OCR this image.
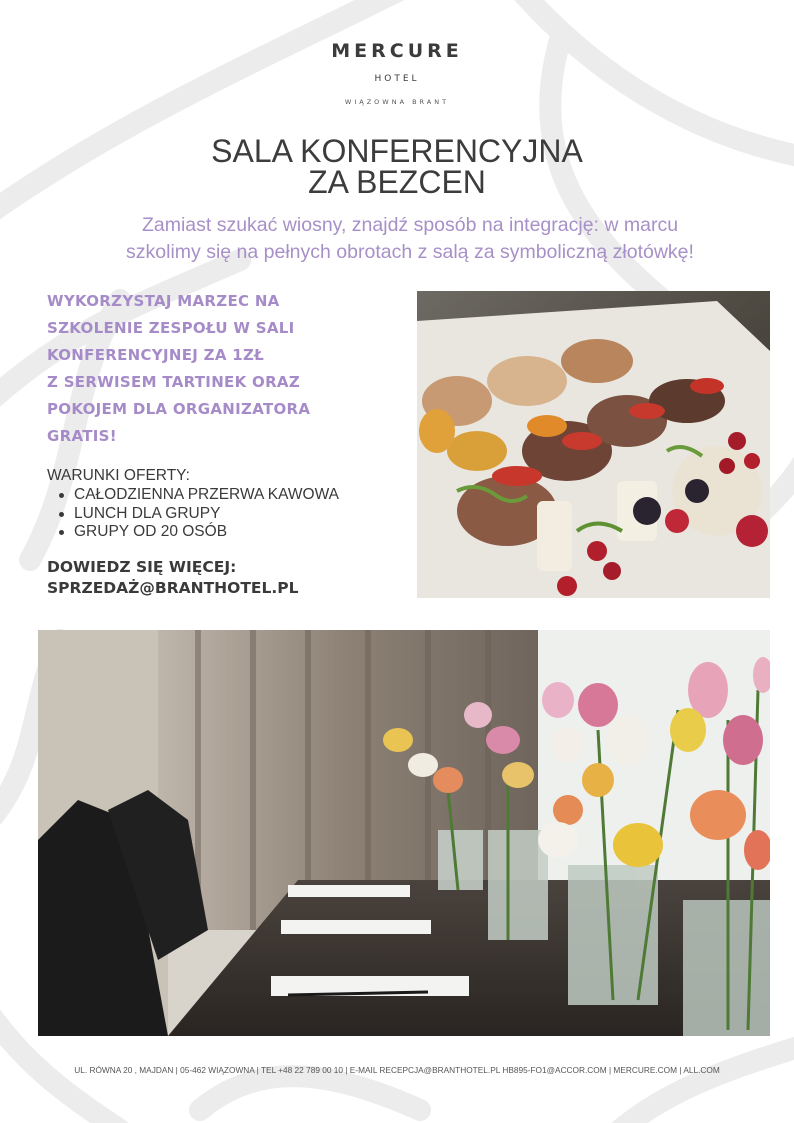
MERCURE
HOTEL
WIĄZOWNA BRANT
SALA KONFERENCYJNA
ZA BEZCEN
Zamiast szukać wiosny, znajdź sposób na integrację: w marcu
szkolimy się na pełnych obrotach z salą za symboliczną złotówkę!
WYKORZYSTAJ MARZEC NA
SZKOLENIE ZESPOŁU W SALI
KONFERENCYJNEJ ZA 1ZŁ
Z SERWISEM TARTINEK ORAZ
POKOJEM DLA ORGANIZATORA
GRATIS!
WARUNKI OFERTY:
CAŁODZIENNA PRZERWA KAWOWA
LUNCH DLA GRUPY
GRUPY OD 20 OSÓB
DOWIEDZ SIĘ WIĘCEJ:
SPRZEDAŻ@BRANTHOTEL.PL
UL. RÓWNA 20 , MAJDAN | 05-462 WIĄZOWNA | TEL +48 22 789 00 10 | E-MAIL RECEPCJA@BRANTHOTEL.PL HB895-FO1@ACCOR.COM | MERCURE.COM | ALL.COM
